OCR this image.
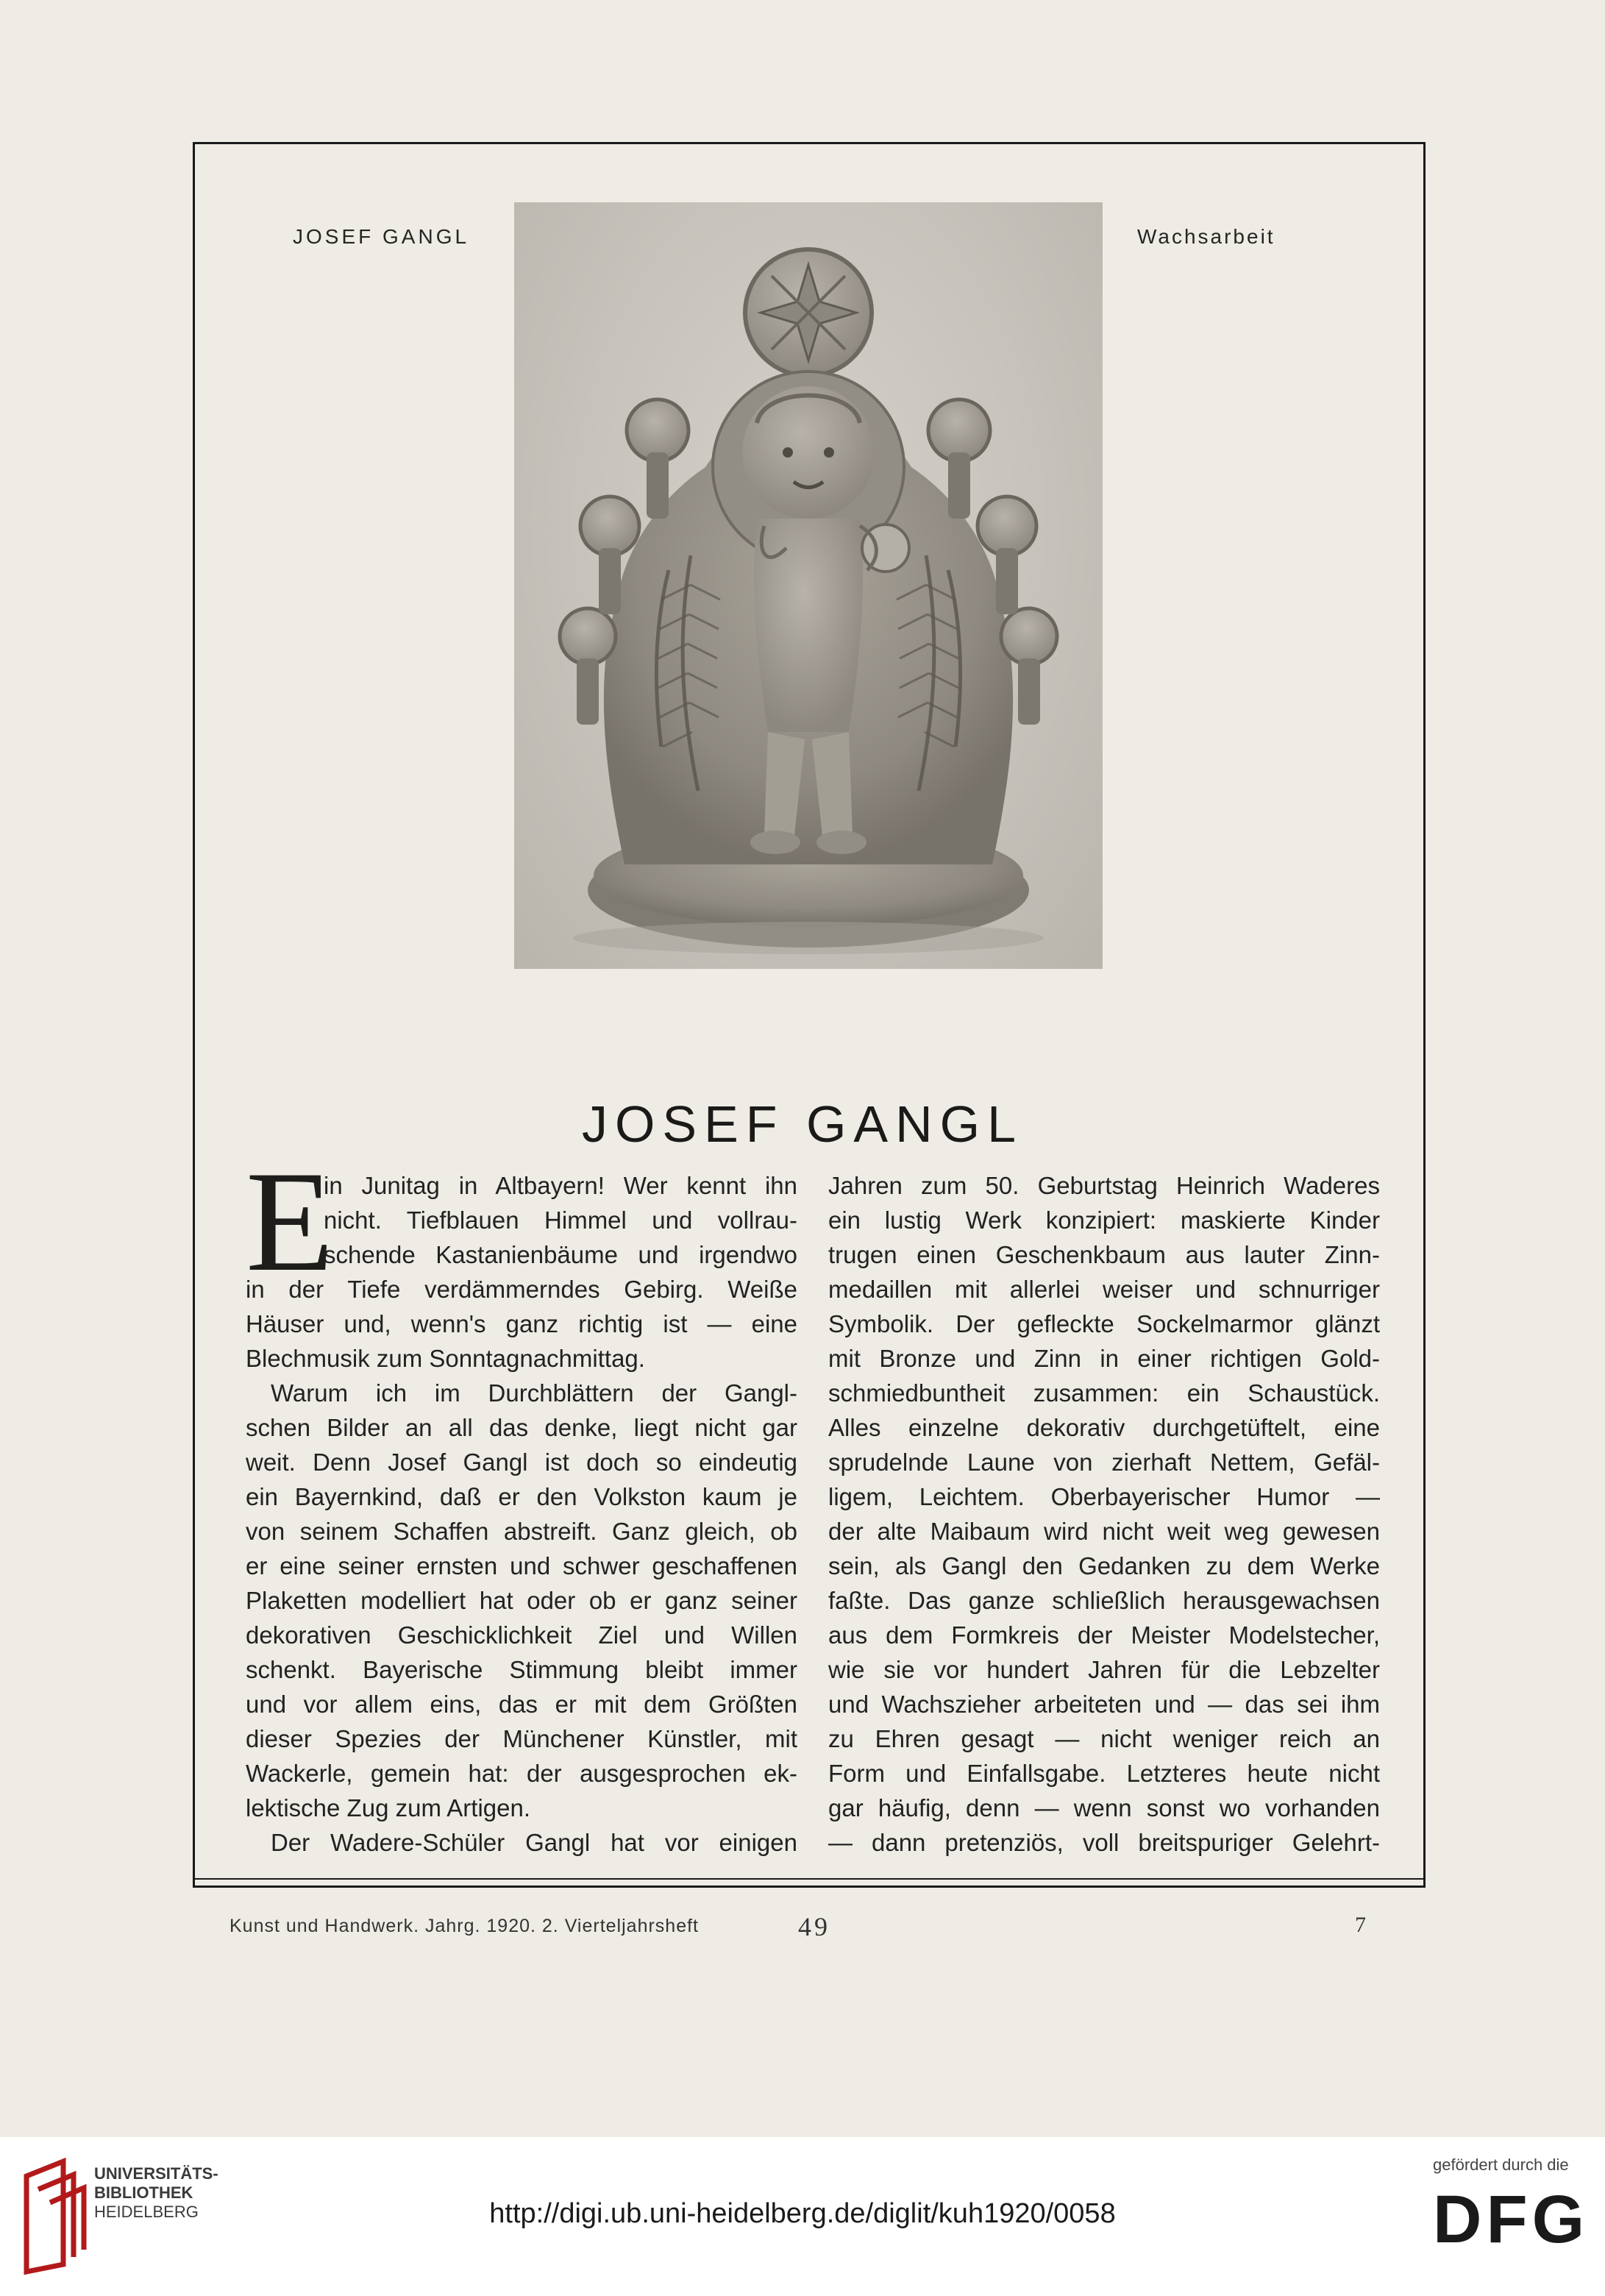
JOSEF GANGL	Wachsarbeit
JOSEF GANGL
E
in Junitag in Altbayern! Wer kennt ihn
nicht. Tiefblauen Himmel und vollrau-
schende Kastanienbäume und irgendwo
in der Tiefe verdämmerndes Gebirg. Weiße
Häuser und, wenn's ganz richtig ist — eine
Blechmusik zum Sonntagnachmittag.
Warum ich im Durchblättern der Gangl-
schen Bilder an all das denke, liegt nicht gar
weit. Denn Josef Gangl ist doch so eindeutig
ein Bayernkind, daß er den Volkston kaum je
von seinem Schaffen abstreift. Ganz gleich, ob
er eine seiner ernsten und schwer geschaffenen
Plaketten modelliert hat oder ob er ganz seiner
dekorativen Geschicklichkeit Ziel und Willen
schenkt. Bayerische Stimmung bleibt immer
und vor allem eins, das er mit dem Größten
dieser Spezies der Münchener Künstler, mit
Wackerle, gemein hat: der ausgesprochen ek-
lektische Zug zum Artigen.
Der Wadere-Schüler Gangl hat vor einigen
Jahren zum 50. Geburtstag Heinrich Waderes
ein lustig Werk konzipiert: maskierte Kinder
trugen einen Geschenkbaum aus lauter Zinn-
medaillen mit allerlei weiser und schnurriger
Symbolik. Der gefleckte Sockelmarmor glänzt
mit Bronze und Zinn in einer richtigen Gold-
schmiedbuntheit zusammen: ein Schaustück.
Alles einzelne dekorativ durchgetüftelt, eine
sprudelnde Laune von zierhaft Nettem, Gefäl-
ligem, Leichtem. Oberbayerischer Humor —
der alte Maibaum wird nicht weit weg gewesen
sein, als Gangl den Gedanken zu dem Werke
faßte. Das ganze schließlich herausgewachsen
aus dem Formkreis der Meister Modelstecher,
wie sie vor hundert Jahren für die Lebzelter
und Wachszieher arbeiteten und — das sei ihm
zu Ehren gesagt — nicht weniger reich an
Form und Einfallsgabe. Letzteres heute nicht
gar häufig, denn — wenn sonst wo vorhanden
— dann pretenziös, voll breitspuriger Gelehrt-
Kunst und Handwerk. Jahrg. 1920. 2. Vierteljahrsheft	49	7
UNIVERSITÄTS-
BIBLIOTHEK
HEIDELBERG	http://digi.ub.uni-heidelberg.de/diglit/kuh1920/0058
gefördert durch die
DFG
